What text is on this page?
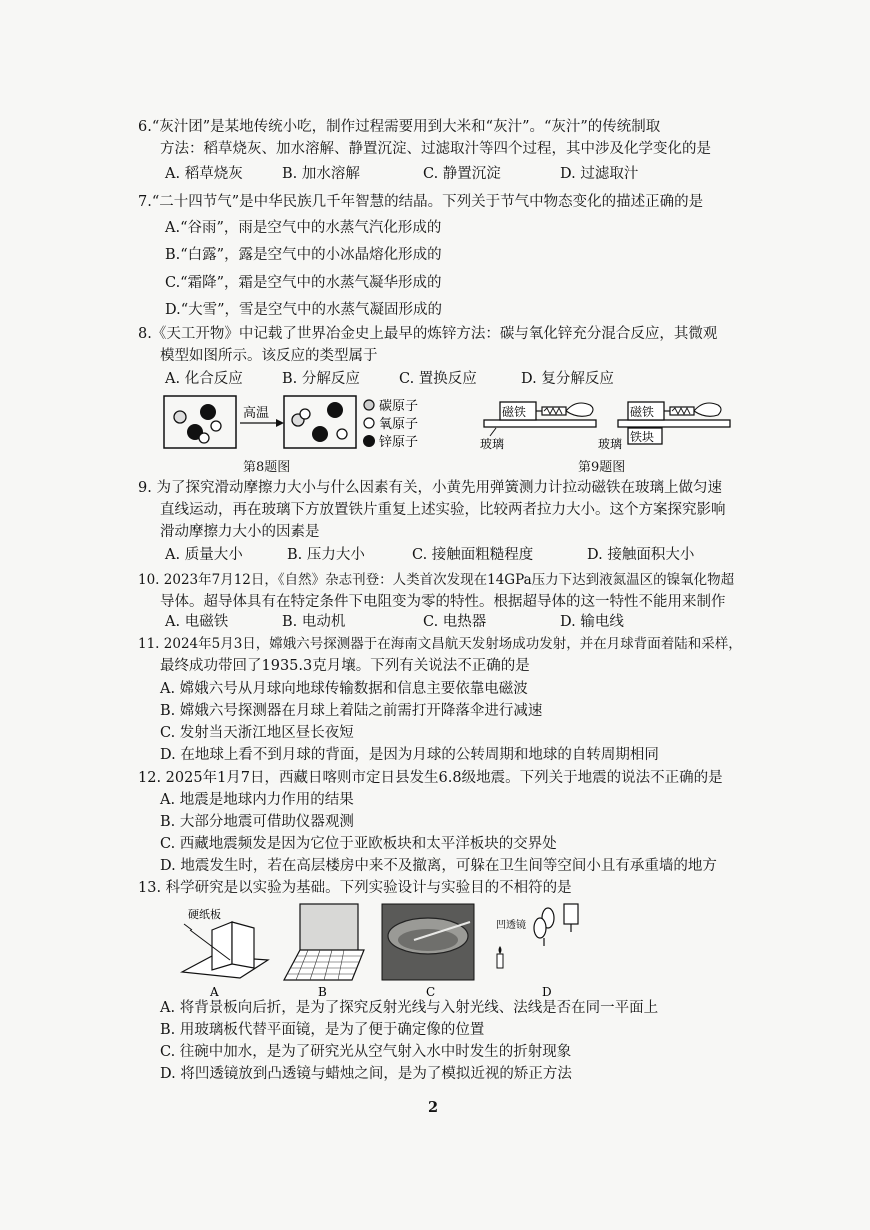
6.“灰汁团”是某地传统小吃，制作过程需要用到大米和“灰汁”。“灰汁”的传统制取
方法：稻草烧灰、加水溶解、静置沉淀、过滤取汁等四个过程，其中涉及化学变化的是
A. 稻草烧灰	B. 加水溶解	C. 静置沉淀	D. 过滤取汁
7.“二十四节气”是中华民族几千年智慧的结晶。下列关于节气中物态变化的描述正确的是
A.“谷雨”，雨是空气中的水蒸气汽化形成的
B.“白露”，露是空气中的小冰晶熔化形成的
C.“霜降”，霜是空气中的水蒸气凝华形成的
D.“大雪”，雪是空气中的水蒸气凝固形成的
8.《天工开物》中记载了世界冶金史上最早的炼锌方法：碳与氧化锌充分混合反应，其微观
模型如图所示。该反应的类型属于
A. 化合反应	B. 分解反应	C. 置换反应	D. 复分解反应
高温	碳原子
氧原子
锌原子
第8题图
磁铁
玻璃
磁铁
铁块
玻璃
第9题图
9. 为了探究滑动摩擦力大小与什么因素有关，小黄先用弹簧测力计拉动磁铁在玻璃上做匀速
直线运动，再在玻璃下方放置铁片重复上述实验，比较两者拉力大小。这个方案探究影响
滑动摩擦力大小的因素是
A. 质量大小	B. 压力大小	C. 接触面粗糙程度	D. 接触面积大小
10. 2023年7月12日，《自然》杂志刊登：人类首次发现在14GPa压力下达到液氮温区的镍氧化物超
导体。超导体具有在特定条件下电阻变为零的特性。根据超导体的这一特性不能用来制作
A. 电磁铁	B. 电动机	C. 电热器	D. 输电线
11. 2024年5月3日，嫦娥六号探测器于在海南文昌航天发射场成功发射，并在月球背面着陆和采样，
最终成功带回了1935.3克月壤。下列有关说法不正确的是
A. 嫦娥六号从月球向地球传输数据和信息主要依靠电磁波
B. 嫦娥六号探测器在月球上着陆之前需打开降落伞进行减速
C. 发射当天浙江地区昼长夜短
D. 在地球上看不到月球的背面，是因为月球的公转周期和地球的自转周期相同
12. 2025年1月7日，西藏日喀则市定日县发生6.8级地震。下列关于地震的说法不正确的是
A. 地震是地球内力作用的结果
B. 大部分地震可借助仪器观测
C. 西藏地震频发是因为它位于亚欧板块和太平洋板块的交界处
D. 地震发生时，若在高层楼房中来不及撤离，可躲在卫生间等空间小且有承重墙的地方
13. 科学研究是以实验为基础。下列实验设计与实验目的不相符的是
硬纸板
A	B	C
凹透镜
D
A. 将背景板向后折，是为了探究反射光线与入射光线、法线是否在同一平面上
B. 用玻璃板代替平面镜，是为了便于确定像的位置
C. 往碗中加水，是为了研究光从空气射入水中时发生的折射现象
D. 将凹透镜放到凸透镜与蜡烛之间，是为了模拟近视的矫正方法
2
